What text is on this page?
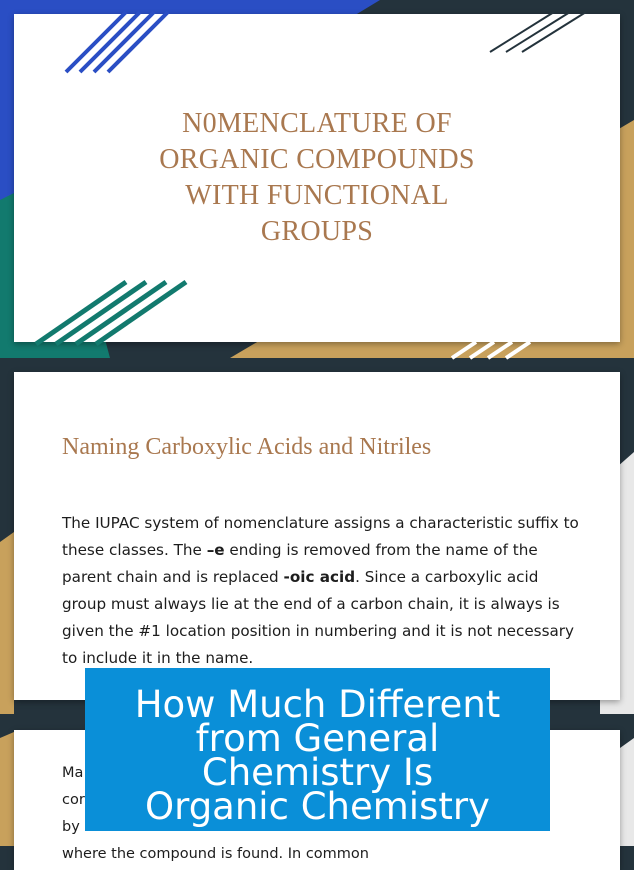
N0MENCLATURE OF
ORGANIC COMPOUNDS
WITH FUNCTIONAL
GROUPS
Naming Carboxylic Acids and Nitriles
The IUPAC system of nomenclature assigns a characteristic suffix to these classes. The –e ending is removed from the name of the parent chain and is replaced -oic acid. Since a carboxylic acid group must always lie at the end of a carbon chain, it is always is given the #1 location position in numbering and it is not necessary to include it in the name.
Ma
cor
by
where the compound is found. In common
How Much Different
from General
Chemistry Is
Organic Chemistry
